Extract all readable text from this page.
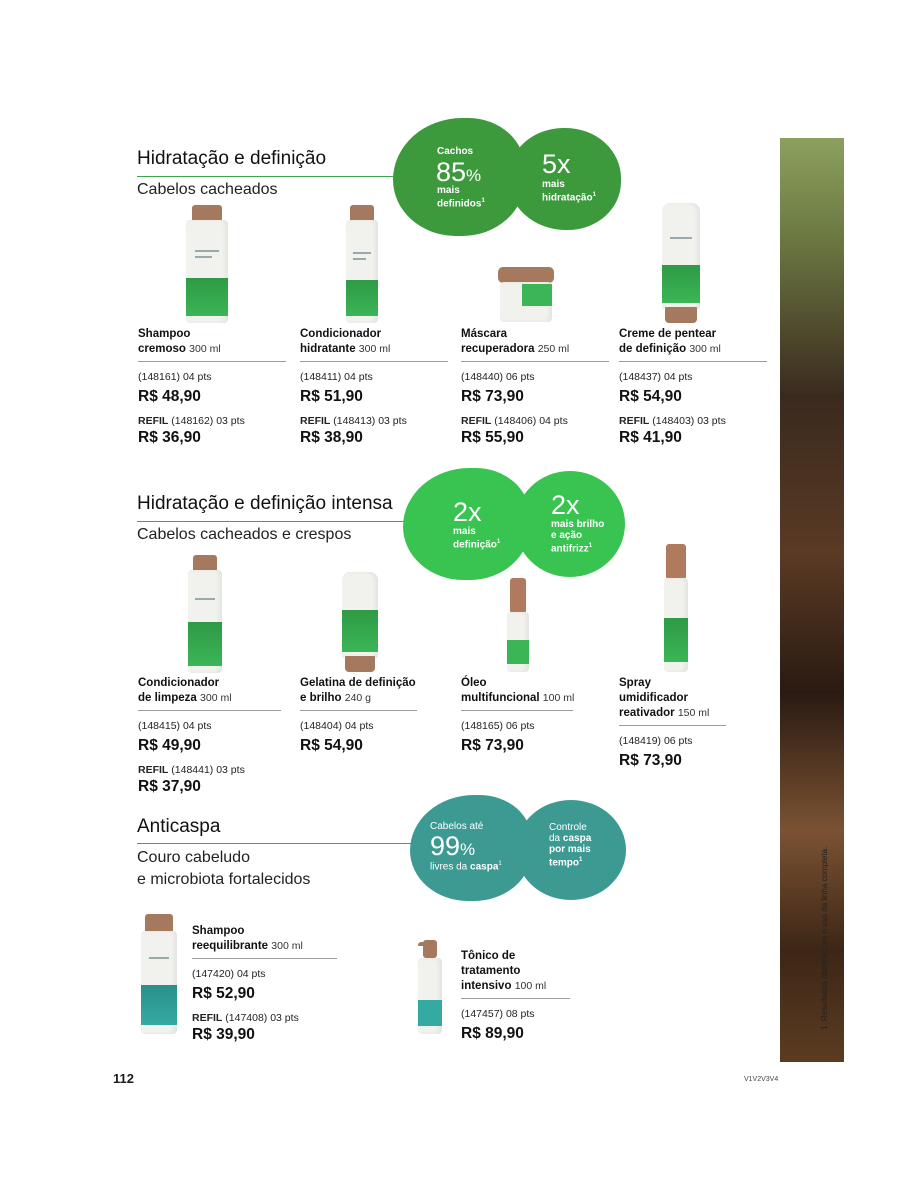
Hidratação e definição
Cabelos cacheados
Cachos
85%
mais
definidos$^1$
5x
mais
hidratação$^1$
Shampoo
cremoso 300 ml
(148161) 04 pts
R$ 48,90
REFIL (148162) 03 pts
R$ 36,90
Condicionador
hidratante 300 ml
(148411) 04 pts
R$ 51,90
REFIL (148413) 03 pts
R$ 38,90
Máscara
recuperadora 250 ml
(148440) 06 pts
R$ 73,90
REFIL (148406) 04 pts
R$ 55,90
Creme de pentear
de definição 300 ml
(148437) 04 pts
R$ 54,90
REFIL (148403) 03 pts
R$ 41,90
Hidratação e definição intensa
Cabelos cacheados e crespos
2x
mais
definição$^1$
2x
mais brilho
e ação
antifrizz$^1$
Condicionador
de limpeza 300 ml
(148415) 04 pts
R$ 49,90
REFIL (148441) 03 pts
R$ 37,90
Gelatina de definição
e brilho 240 g
(148404) 04 pts
R$ 54,90
Óleo
multifuncional 100 ml
(148165) 06 pts
R$ 73,90
Spray
umidificador
reativador 150 ml
(148419) 06 pts
R$ 73,90
Anticaspa
Couro cabeludo
e microbiota fortalecidos
Cabelos até
99%
livres da caspa$^1$
Controle
da caspa
por mais
tempo$^1$
Shampoo
reequilibrante 300 ml
(147420) 04 pts
R$ 52,90
REFIL (147408) 03 pts
R$ 39,90
Tônico de
tratamento
intensivo 100 ml
(147457) 08 pts
R$ 89,90
1. Resultados obtidos com o uso da linha completa.
112	V1V2V3V4
